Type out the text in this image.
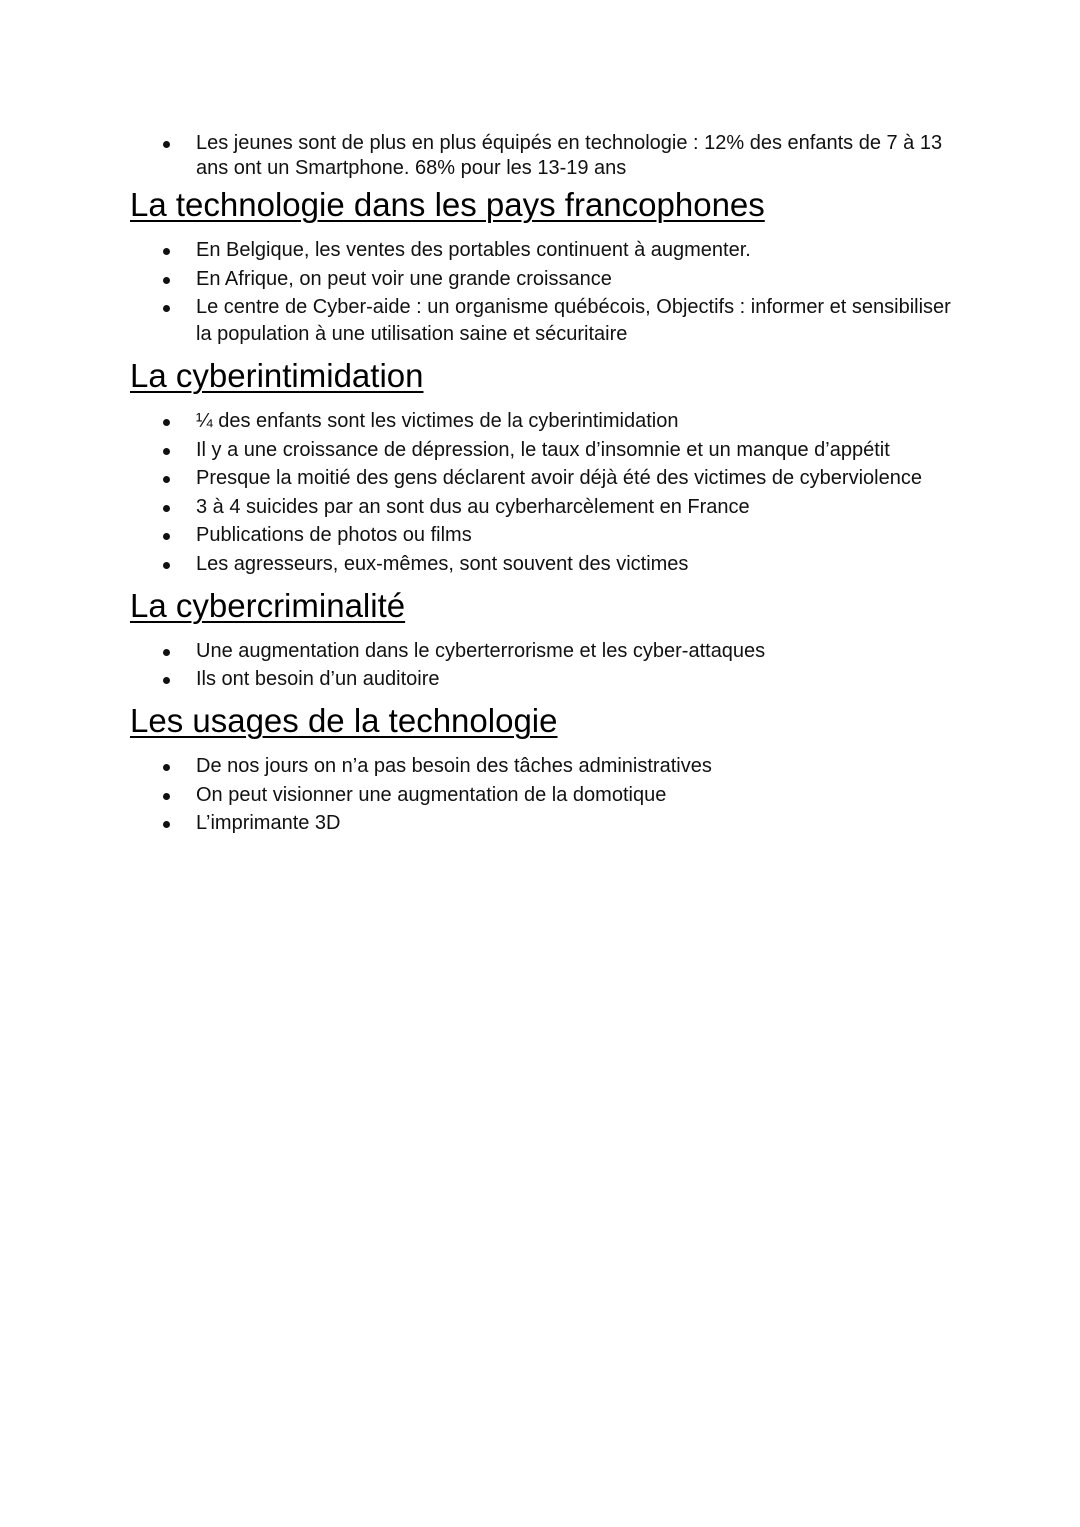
Les jeunes sont de plus en plus équipés en technologie : 12% des enfants de 7 à 13 ans ont un Smartphone. 68% pour les 13-19 ans
La technologie dans les pays francophones
En Belgique, les ventes des portables continuent à augmenter.
En Afrique, on peut voir une grande croissance
Le centre de Cyber-aide : un organisme québécois, Objectifs : informer et sensibiliser la population à une utilisation saine et sécuritaire
La cyberintimidation
¼ des enfants sont les victimes de la cyberintimidation
Il y a une croissance de dépression, le taux d’insomnie et un manque d’appétit
Presque la moitié des gens déclarent avoir déjà été des victimes de cyberviolence
3 à 4 suicides par an sont dus au cyberharcèlement en France
Publications de photos ou films
Les agresseurs, eux-mêmes, sont souvent des victimes
La cybercriminalité
Une augmentation dans le cyberterrorisme et les cyber-attaques
Ils ont besoin d’un auditoire
Les usages de la technologie
De nos jours on n’a pas besoin des tâches administratives
On peut visionner une augmentation de la domotique
L’imprimante 3D
